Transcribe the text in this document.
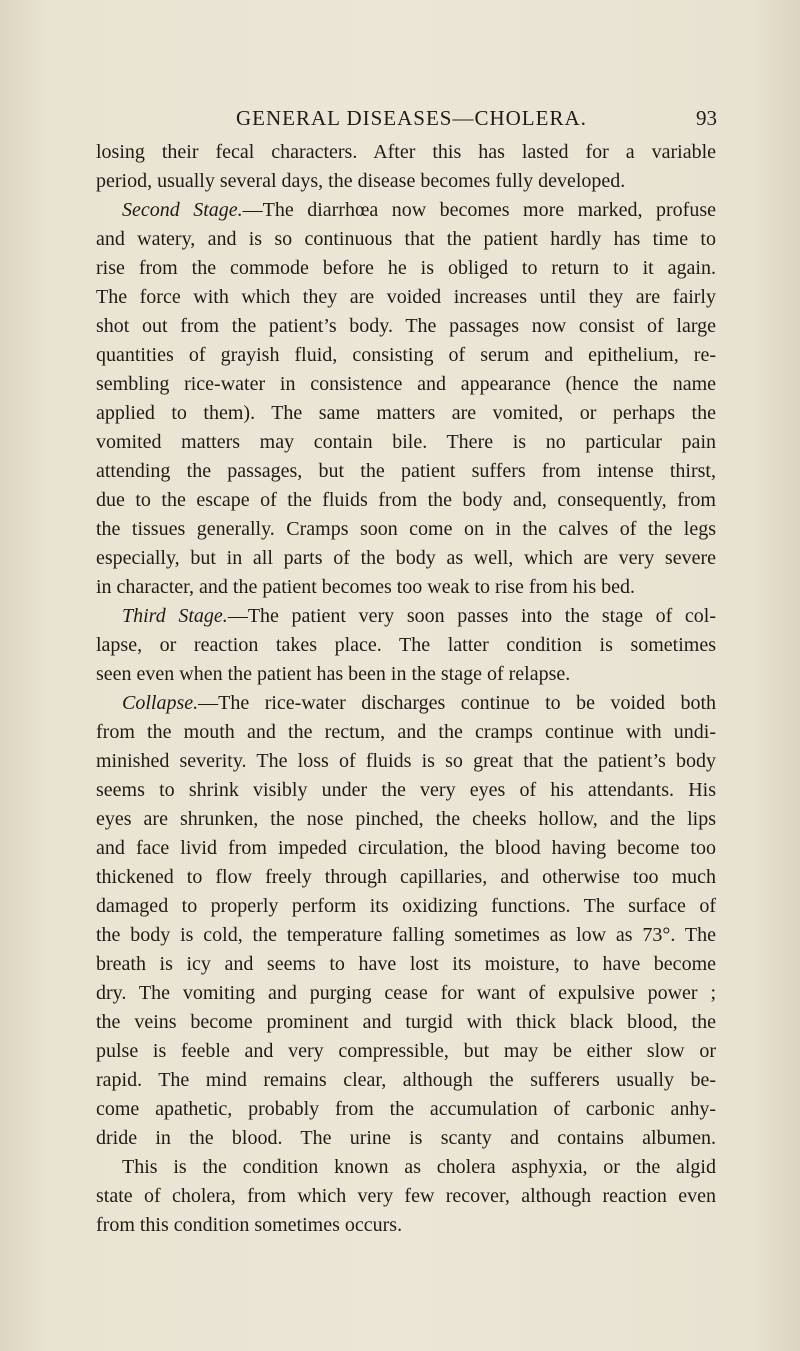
GENERAL DISEASES—CHOLERA.	93
losing their fecal characters. After this has lasted for a variable
period, usually several days, the disease becomes fully developed.
Second Stage.—The diarrhœa now becomes more marked, profuse
and watery, and is so continuous that the patient hardly has time to
rise from the commode before he is obliged to return to it again.
The force with which they are voided increases until they are fairly
shot out from the patient’s body. The passages now consist of large
quantities of grayish fluid, consisting of serum and epithelium, re-
sembling rice-water in consistence and appearance (hence the name
applied to them). The same matters are vomited, or perhaps the
vomited matters may contain bile. There is no particular pain
attending the passages, but the patient suffers from intense thirst,
due to the escape of the fluids from the body and, consequently, from
the tissues generally. Cramps soon come on in the calves of the legs
especially, but in all parts of the body as well, which are very severe
in character, and the patient becomes too weak to rise from his bed.
Third Stage.—The patient very soon passes into the stage of col-
lapse, or reaction takes place. The latter condition is sometimes
seen even when the patient has been in the stage of relapse.
Collapse.—The rice-water discharges continue to be voided both
from the mouth and the rectum, and the cramps continue with undi-
minished severity. The loss of fluids is so great that the patient’s body
seems to shrink visibly under the very eyes of his attendants. His
eyes are shrunken, the nose pinched, the cheeks hollow, and the lips
and face livid from impeded circulation, the blood having become too
thickened to flow freely through capillaries, and otherwise too much
damaged to properly perform its oxidizing functions. The surface of
the body is cold, the temperature falling sometimes as low as 73°. The
breath is icy and seems to have lost its moisture, to have become
dry. The vomiting and purging cease for want of expulsive power ;
the veins become prominent and turgid with thick black blood, the
pulse is feeble and very compressible, but may be either slow or
rapid. The mind remains clear, although the sufferers usually be-
come apathetic, probably from the accumulation of carbonic anhy-
dride in the blood. The urine is scanty and contains albumen.
This is the condition known as cholera asphyxia, or the algid
state of cholera, from which very few recover, although reaction even
from this condition sometimes occurs.
